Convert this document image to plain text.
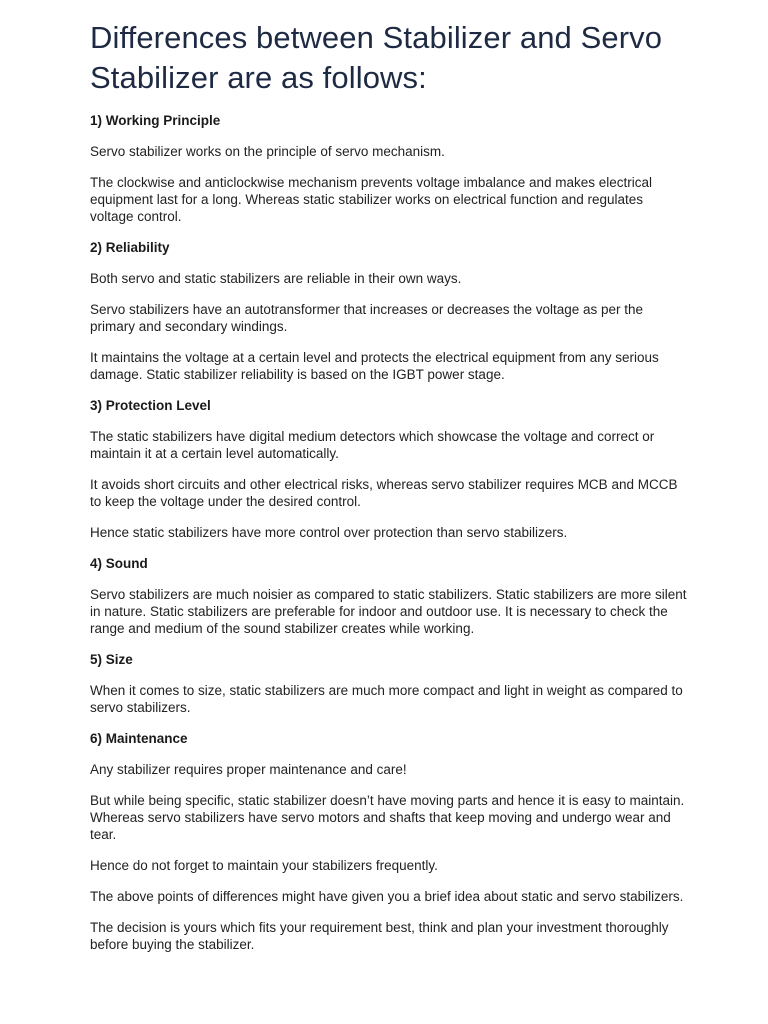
Differences between Stabilizer and Servo Stabilizer are as follows:
1) Working Principle

Servo stabilizer works on the principle of servo mechanism.

The clockwise and anticlockwise mechanism prevents voltage imbalance and makes electrical equipment last for a long. Whereas static stabilizer works on electrical function and regulates voltage control.

2) Reliability

Both servo and static stabilizers are reliable in their own ways.

Servo stabilizers have an autotransformer that increases or decreases the voltage as per the primary and secondary windings.

It maintains the voltage at a certain level and protects the electrical equipment from any serious damage. Static stabilizer reliability is based on the IGBT power stage.

3) Protection Level

The static stabilizers have digital medium detectors which showcase the voltage and correct or maintain it at a certain level automatically.

It avoids short circuits and other electrical risks, whereas servo stabilizer requires MCB and MCCB to keep the voltage under the desired control.

Hence static stabilizers have more control over protection than servo stabilizers.

4) Sound

Servo stabilizers are much noisier as compared to static stabilizers. Static stabilizers are more silent in nature. Static stabilizers are preferable for indoor and outdoor use. It is necessary to check the range and medium of the sound stabilizer creates while working.

5) Size

When it comes to size, static stabilizers are much more compact and light in weight as compared to servo stabilizers.

6) Maintenance

Any stabilizer requires proper maintenance and care!

But while being specific, static stabilizer doesn’t have moving parts and hence it is easy to maintain. Whereas servo stabilizers have servo motors and shafts that keep moving and undergo wear and tear.

Hence do not forget to maintain your stabilizers frequently.

The above points of differences might have given you a brief idea about static and servo stabilizers.

The decision is yours which fits your requirement best, think and plan your investment thoroughly before buying the stabilizer.
